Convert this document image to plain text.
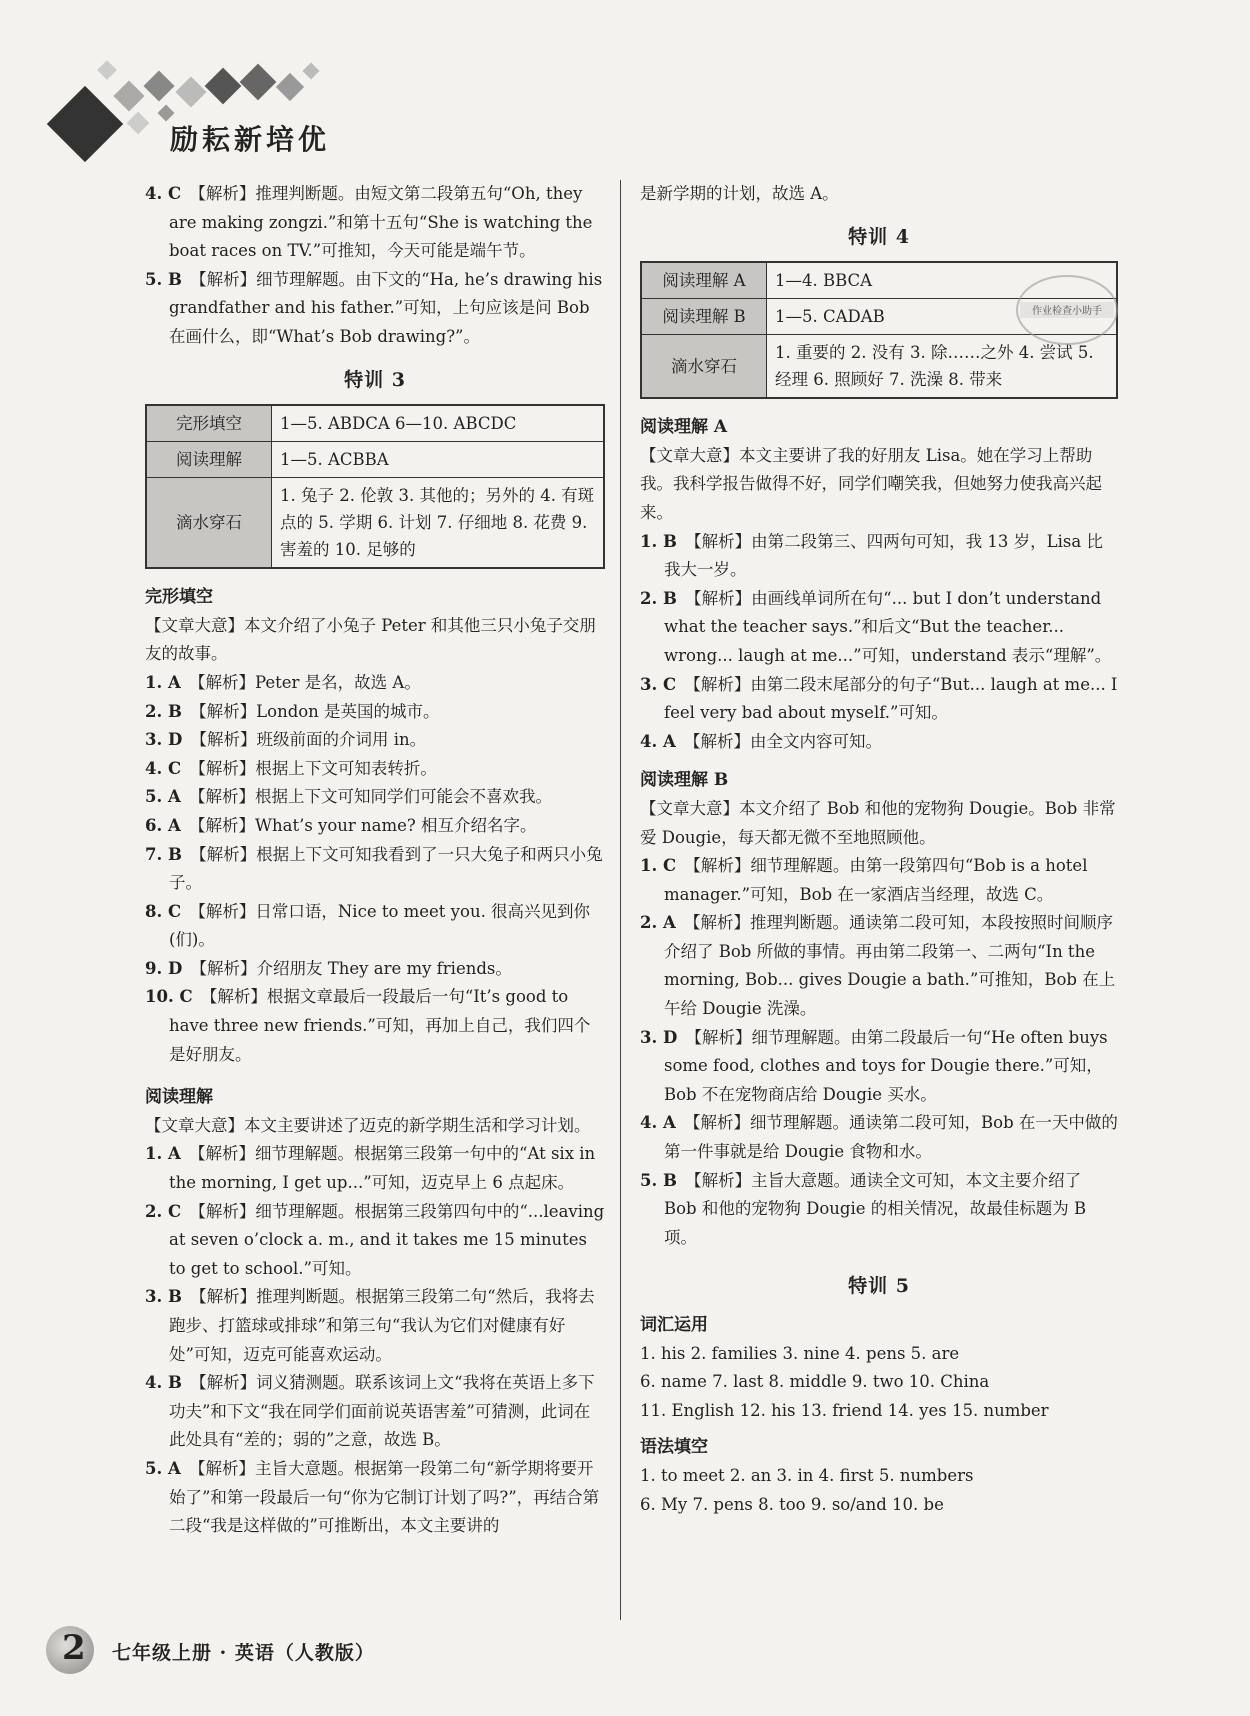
励耘新培优
4. C　 【解析】推理判断题。由短文第二段第五句“Oh, they are making zongzi.”和第十五句“She is watching the boat races on TV.”可推知，今天可能是端午节。
5. B　 【解析】细节理解题。由下文的“Ha, he’s drawing his grandfather and his father.”可知，上句应该是问 Bob 在画什么，即“What’s Bob drawing?”。
特训 3
完形填空	1—5. ABDCA 6—10. ABCDC
阅读理解	1—5. ACBBA
滴水穿石	1. 兔子 2. 伦敦 3. 其他的；另外的 4. 有斑点的 5. 学期 6. 计划 7. 仔细地 8. 花费 9. 害羞的 10. 足够的
完形填空
【文章大意】本文介绍了小兔子 Peter 和其他三只小兔子交朋友的故事。
1. A　 【解析】Peter 是名，故选 A。
2. B　 【解析】London 是英国的城市。
3. D　 【解析】班级前面的介词用 in。
4. C　 【解析】根据上下文可知表转折。
5. A　 【解析】根据上下文可知同学们可能会不喜欢我。
6. A　 【解析】What’s your name? 相互介绍名字。
7. B　 【解析】根据上下文可知我看到了一只大兔子和两只小兔子。
8. C　 【解析】日常口语，Nice to meet you. 很高兴见到你(们)。
9. D　 【解析】介绍朋友 They are my friends。
10. C　 【解析】根据文章最后一段最后一句“It’s good to have three new friends.”可知，再加上自己，我们四个是好朋友。
阅读理解
【文章大意】本文主要讲述了迈克的新学期生活和学习计划。
1. A　 【解析】细节理解题。根据第三段第一句中的“At six in the morning, I get up...”可知，迈克早上 6 点起床。
2. C　 【解析】细节理解题。根据第三段第四句中的“...leaving at seven o’clock a. m., and it takes me 15 minutes to get to school.”可知。
3. B　 【解析】推理判断题。根据第三段第二句“然后，我将去跑步、打篮球或排球”和第三句“我认为它们对健康有好处”可知，迈克可能喜欢运动。
4. B　 【解析】词义猜测题。联系该词上文“我将在英语上多下功夫”和下文“我在同学们面前说英语害羞”可猜测，此词在此处具有“差的；弱的”之意，故选 B。
5. A　 【解析】主旨大意题。根据第一段第二句“新学期将要开始了”和第一段最后一句“你为它制订计划了吗?”，再结合第二段“我是这样做的”可推断出，本文主要讲的
是新学期的计划，故选 A。
特训 4
阅读理解 A	1—4. BBCA
阅读理解 B	1—5. CADAB
滴水穿石	1. 重要的 2. 没有 3. 除……之外 4. 尝试 5. 经理 6. 照顾好 7. 洗澡 8. 带来
阅读理解 A
【文章大意】本文主要讲了我的好朋友 Lisa。她在学习上帮助我。我科学报告做得不好，同学们嘲笑我，但她努力使我高兴起来。
1. B　 【解析】由第二段第三、四两句可知，我 13 岁，Lisa 比我大一岁。
2. B　 【解析】由画线单词所在句“... but I don’t understand what the teacher says.”和后文“But the teacher... wrong... laugh at me...”可知，understand 表示“理解”。
3. C　 【解析】由第二段末尾部分的句子“But... laugh at me... I feel very bad about myself.”可知。
4. A　 【解析】由全文内容可知。
阅读理解 B
【文章大意】本文介绍了 Bob 和他的宠物狗 Dougie。Bob 非常爱 Dougie，每天都无微不至地照顾他。
1. C　 【解析】细节理解题。由第一段第四句“Bob is a hotel manager.”可知，Bob 在一家酒店当经理，故选 C。
2. A　 【解析】推理判断题。通读第二段可知，本段按照时间顺序介绍了 Bob 所做的事情。再由第二段第一、二两句“In the morning, Bob... gives Dougie a bath.”可推知，Bob 在上午给 Dougie 洗澡。
3. D　 【解析】细节理解题。由第二段最后一句“He often buys some food, clothes and toys for Dougie there.”可知，Bob 不在宠物商店给 Dougie 买水。
4. A　 【解析】细节理解题。通读第二段可知，Bob 在一天中做的第一件事就是给 Dougie 食物和水。
5. B　 【解析】主旨大意题。通读全文可知，本文主要介绍了 Bob 和他的宠物狗 Dougie 的相关情况，故最佳标题为 B 项。
特训 5
词汇运用
1. his 2. families 3. nine 4. pens 5. are
6. name 7. last 8. middle 9. two 10. China
11. English 12. his 13. friend 14. yes 15. number
语法填空
1. to meet 2. an 3. in 4. first 5. numbers
6. My 7. pens 8. too 9. so/and 10. be
作业检查小助手
2 七年级上册 · 英语（人教版）
